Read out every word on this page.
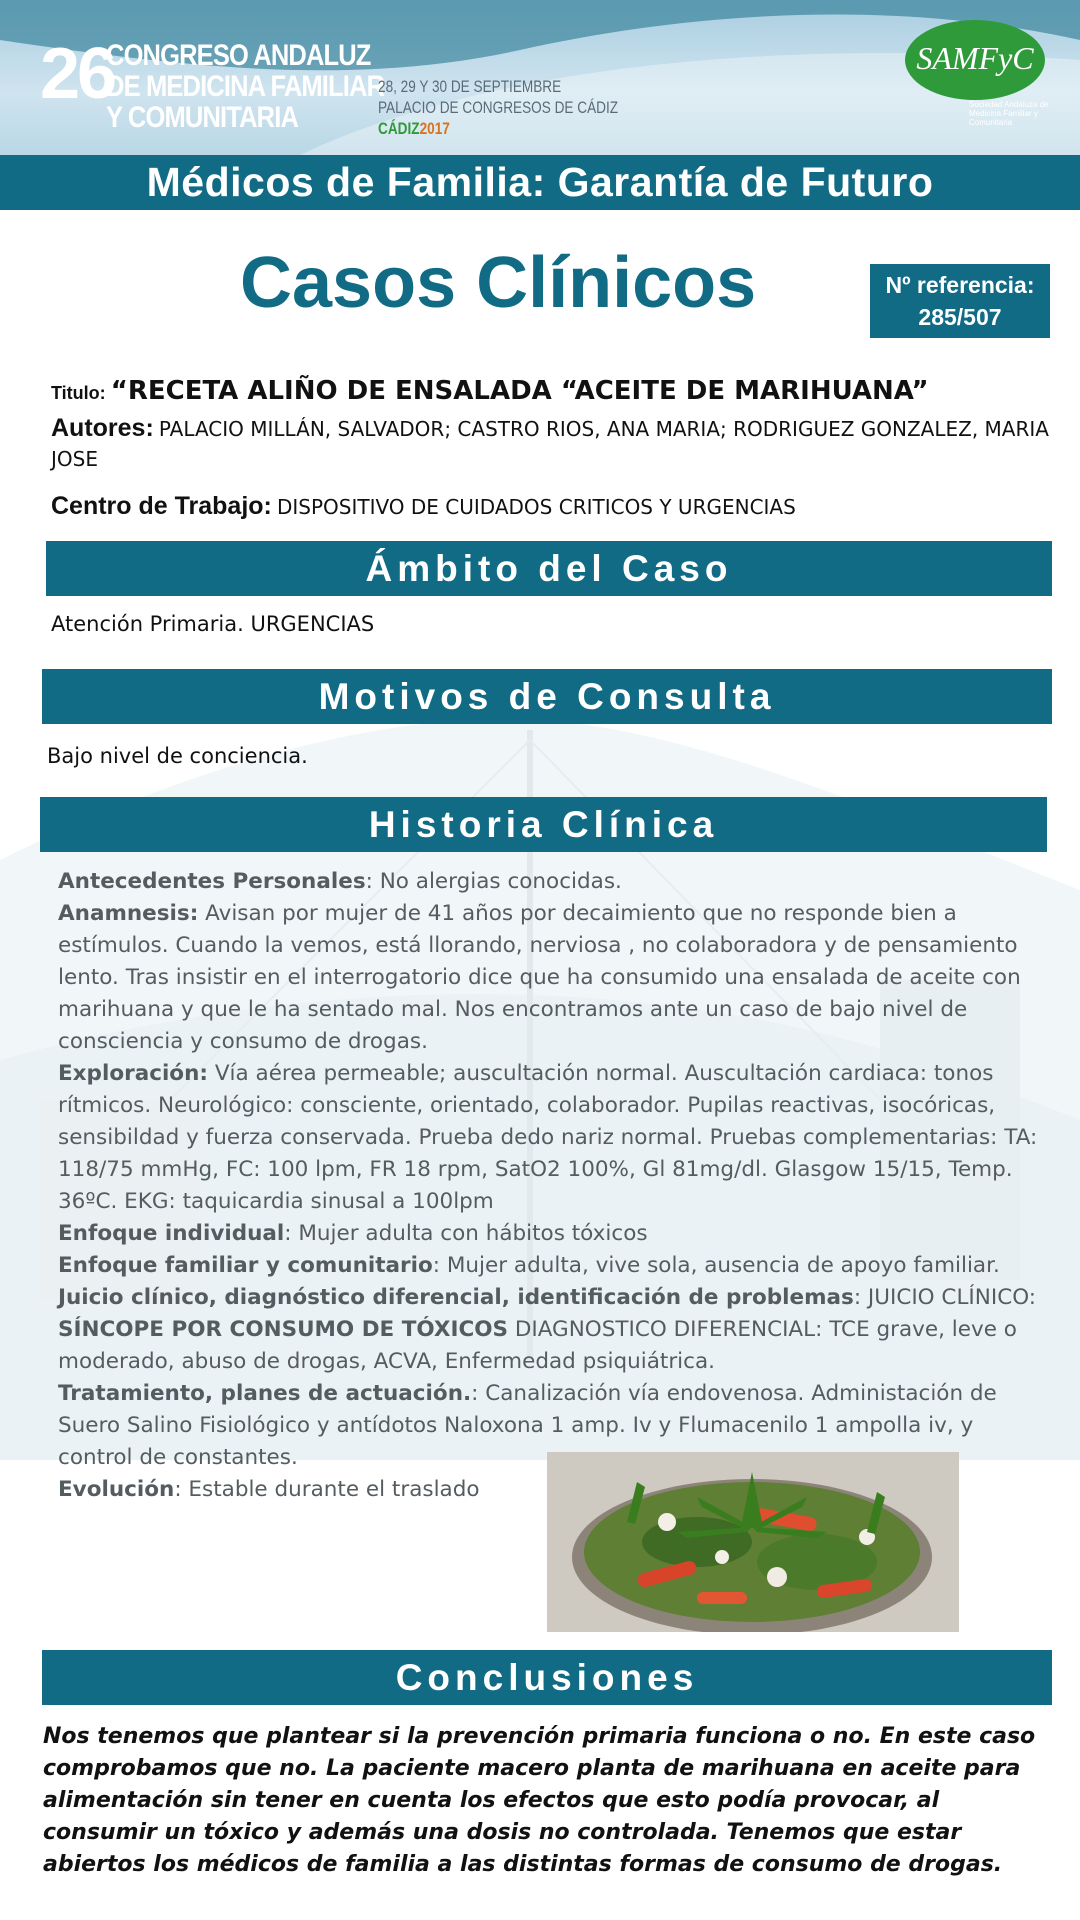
26
CONGRESO ANDALUZ
DE MEDICINA FAMILIAR
Y COMUNITARIA
28, 29 Y 30 DE SEPTIEMBRE
PALACIO DE CONGRESOS DE CÁDIZ
CÁDIZ2017
SAMFyC
Sociedad Andaluza de Medicina Familiar y Comunitaria
Médicos de Familia: Garantía de Futuro
Casos Clínicos	Nº referencia:
285/507
Titulo: “RECETA ALIÑO DE ENSALADA “ACEITE DE MARIHUANA”
Autores: PALACIO MILLÁN, SALVADOR; CASTRO RIOS, ANA MARIA; RODRIGUEZ GONZALEZ, MARIA JOSE
Centro de Trabajo: DISPOSITIVO DE CUIDADOS CRITICOS Y URGENCIAS
Ámbito del Caso
Atención Primaria. URGENCIAS
Motivos de Consulta
Bajo nivel de conciencia.
Historia Clínica

Antecedentes Personales: No alergias conocidas.

Anamnesis: Avisan por mujer de 41 años por decaimiento que no responde bien a estímulos. Cuando la vemos, está llorando, nerviosa , no colaboradora y de pensamiento lento. Tras insistir en el interrogatorio dice que ha consumido una ensalada de aceite con marihuana y que le ha sentado mal. Nos encontramos ante un caso de bajo nivel de consciencia y consumo de drogas.

Exploración: Vía aérea permeable; auscultación normal. Auscultación cardiaca: tonos rítmicos. Neurológico: consciente, orientado, colaborador. Pupilas reactivas, isocóricas, sensibildad y fuerza conservada. Prueba dedo nariz normal. Pruebas complementarias: TA: 118/75 mmHg, FC: 100 lpm, FR 18 rpm, SatO2 100%, Gl 81mg/dl. Glasgow 15/15, Temp. 36ºC. EKG: taquicardia sinusal a 100lpm

Enfoque individual: Mujer adulta con hábitos tóxicos

Enfoque familiar y comunitario: Mujer adulta, vive sola, ausencia de apoyo familiar.

Juicio clínico, diagnóstico diferencial, identificación de problemas: JUICIO CLÍNICO:

SÍNCOPE POR CONSUMO DE TÓXICOS DIAGNOSTICO DIFERENCIAL: TCE grave, leve o moderado, abuso de drogas, ACVA, Enfermedad psiquiátrica.

Tratamiento, planes de actuación.: Canalización vía endovenosa. Administación de Suero Salino Fisiológico y antídotos Naloxona 1 amp. Iv y Flumacenilo 1 ampolla iv, y control de constantes.

Evolución: Estable durante el traslado

Conclusiones
Nos tenemos que plantear si la prevención primaria funciona o no. En este caso comprobamos que no. La paciente macero planta de marihuana en aceite para alimentación sin tener en cuenta los efectos que esto podía provocar, al consumir un tóxico y además una dosis no controlada. Tenemos que estar abiertos los médicos de familia a las distintas formas de consumo de drogas.
